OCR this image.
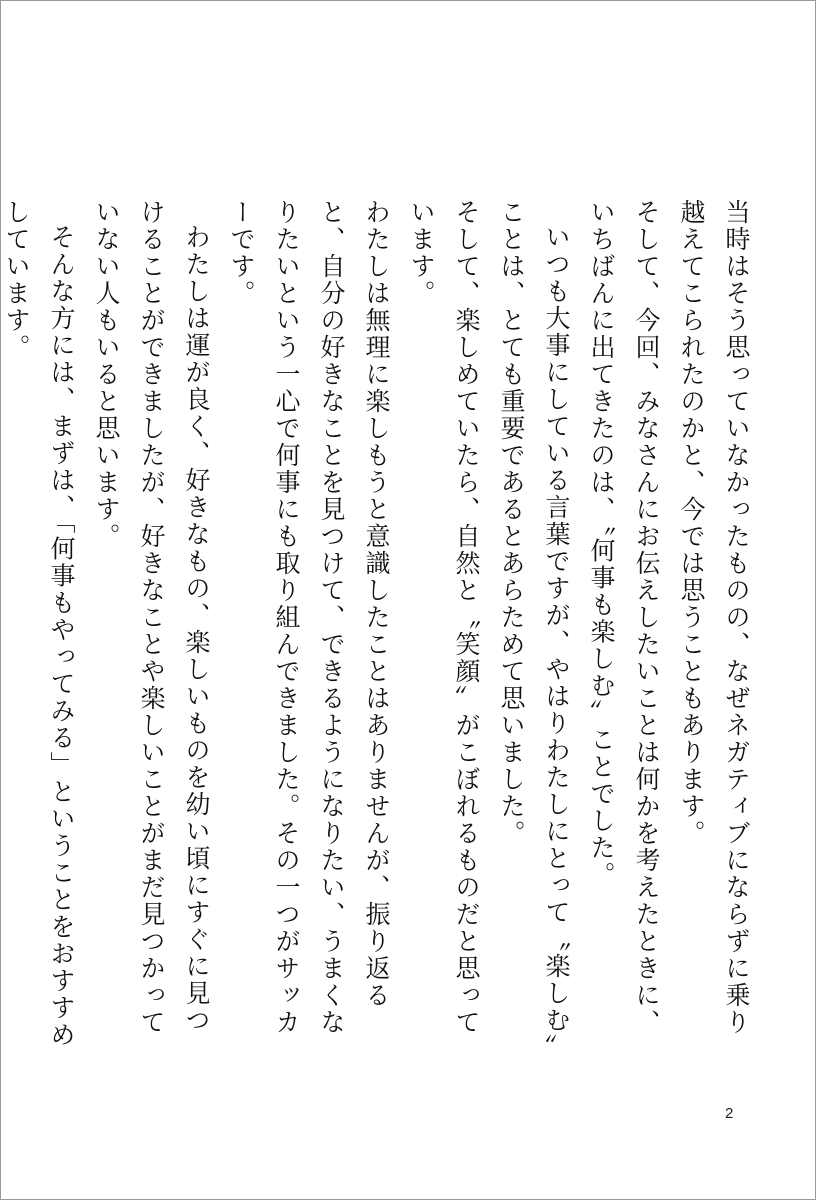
当時はそう思っていなかったものの、なぜネガティブにならずに乗り越えてこられたのかと、今では思うこともあります。

そして、今回、みなさんにお伝えしたいことは何かを考えたときに、いちばんに出てきたのは、〝何事も楽しむ〟ことでした。

いつも大事にしている言葉ですが、やはりわたしにとって〝楽しむ〟ことは、とても重要であるとあらためて思いました。

そして、楽しめていたら、自然と〝笑顔〟がこぼれるものだと思っています。

わたしは無理に楽しもうと意識したことはありませんが、振り返ると、自分の好きなことを見つけて、できるようになりたい、うまくなりたいという一心で何事にも取り組んできました。その一つがサッカーです。

わたしは運が良く、好きなもの、楽しいものを幼い頃にすぐに見つけることができましたが、好きなことや楽しいことがまだ見つかっていない人もいると思います。

そんな方には、まずは、「何事もやってみる」ということをおすすめしています。

2
